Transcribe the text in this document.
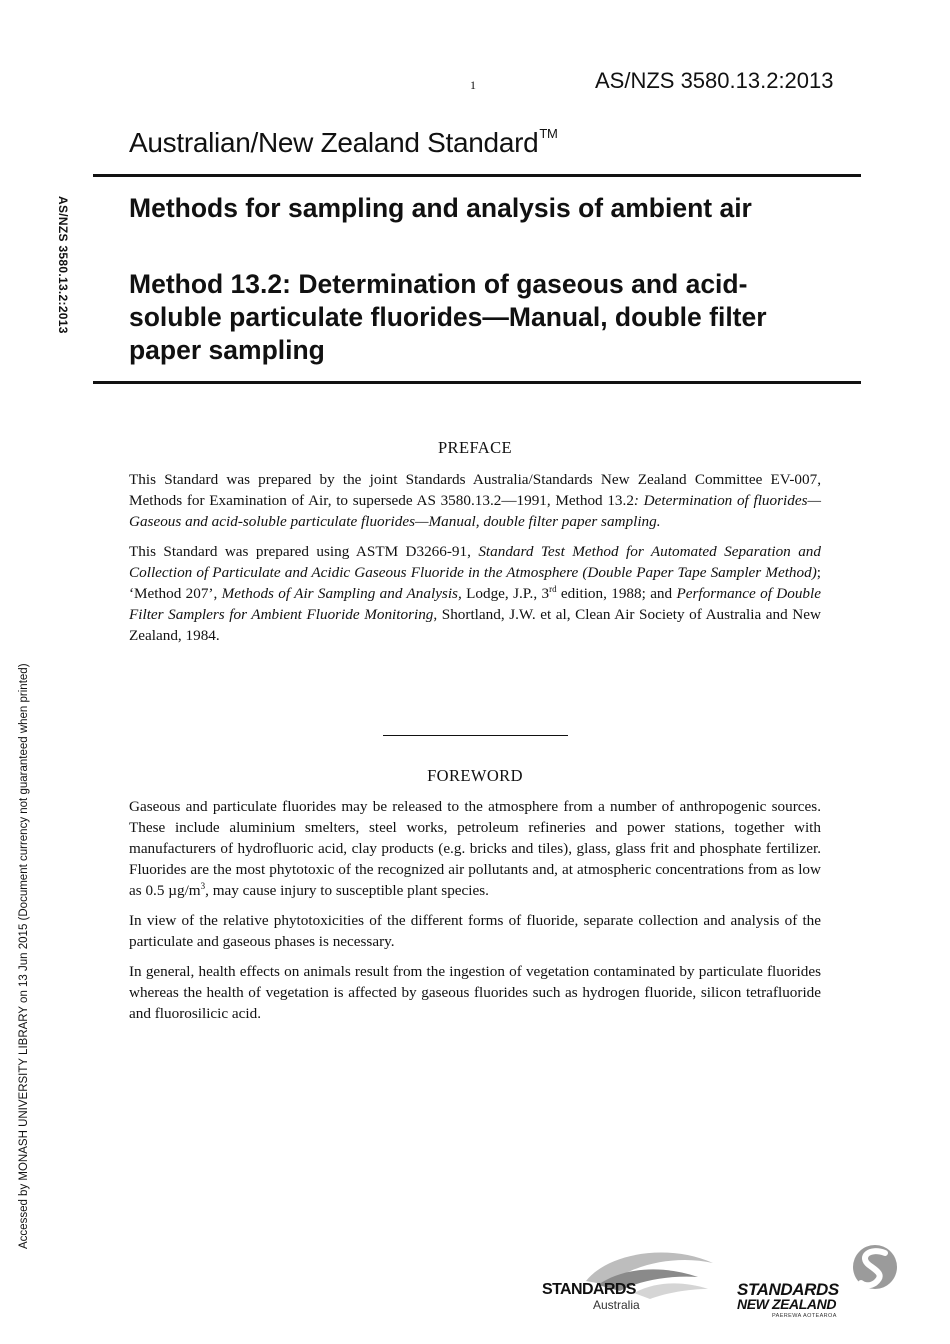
1	AS/NZS 3580.13.2:2013
Australian/New Zealand Standard™
AS/NZS 3580.13.2:2013
Accessed by MONASH UNIVERSITY LIBRARY on 13 Jun 2015 (Document currency not guaranteed when printed)
Methods for sampling and analysis of ambient air
Method 13.2: Determination of gaseous and acid-soluble particulate fluorides—Manual, double filter paper sampling
PREFACE

This Standard was prepared by the joint Standards Australia/Standards New Zealand Committee EV-007, Methods for Examination of Air, to supersede AS 3580.13.2—1991, Method 13.2: Determination of fluorides—Gaseous and acid-soluble particulate fluorides—Manual, double filter paper sampling.

This Standard was prepared using ASTM D3266-91, Standard Test Method for Automated Separation and Collection of Particulate and Acidic Gaseous Fluoride in the Atmosphere (Double Paper Tape Sampler Method); ‘Method 207’, Methods of Air Sampling and Analysis, Lodge, J.P., 3rd edition, 1988; and Performance of Double Filter Samplers for Ambient Fluoride Monitoring, Shortland, J.W. et al, Clean Air Society of Australia and New Zealand, 1984.

FOREWORD

Gaseous and particulate fluorides may be released to the atmosphere from a number of anthropogenic sources. These include aluminium smelters, steel works, petroleum refineries and power stations, together with manufacturers of hydrofluoric acid, clay products (e.g. bricks and tiles), glass, glass frit and phosphate fertilizer. Fluorides are the most phytotoxic of the recognized air pollutants and, at atmospheric concentrations from as low as 0.5 $\mu g/m^3$, may cause injury to susceptible plant species.

In view of the relative phytotoxicities of the different forms of fluoride, separate collection and analysis of the particulate and gaseous phases is necessary.

In general, health effects on animals result from the ingestion of vegetation contaminated by particulate fluorides whereas the health of vegetation is affected by gaseous fluorides such as hydrogen fluoride, silicon tetrafluoride and fluorosilicic acid.

STANDARDS
Australia
STANDARDS
NEW ZEALAND
PAEREWA AOTEAROA
